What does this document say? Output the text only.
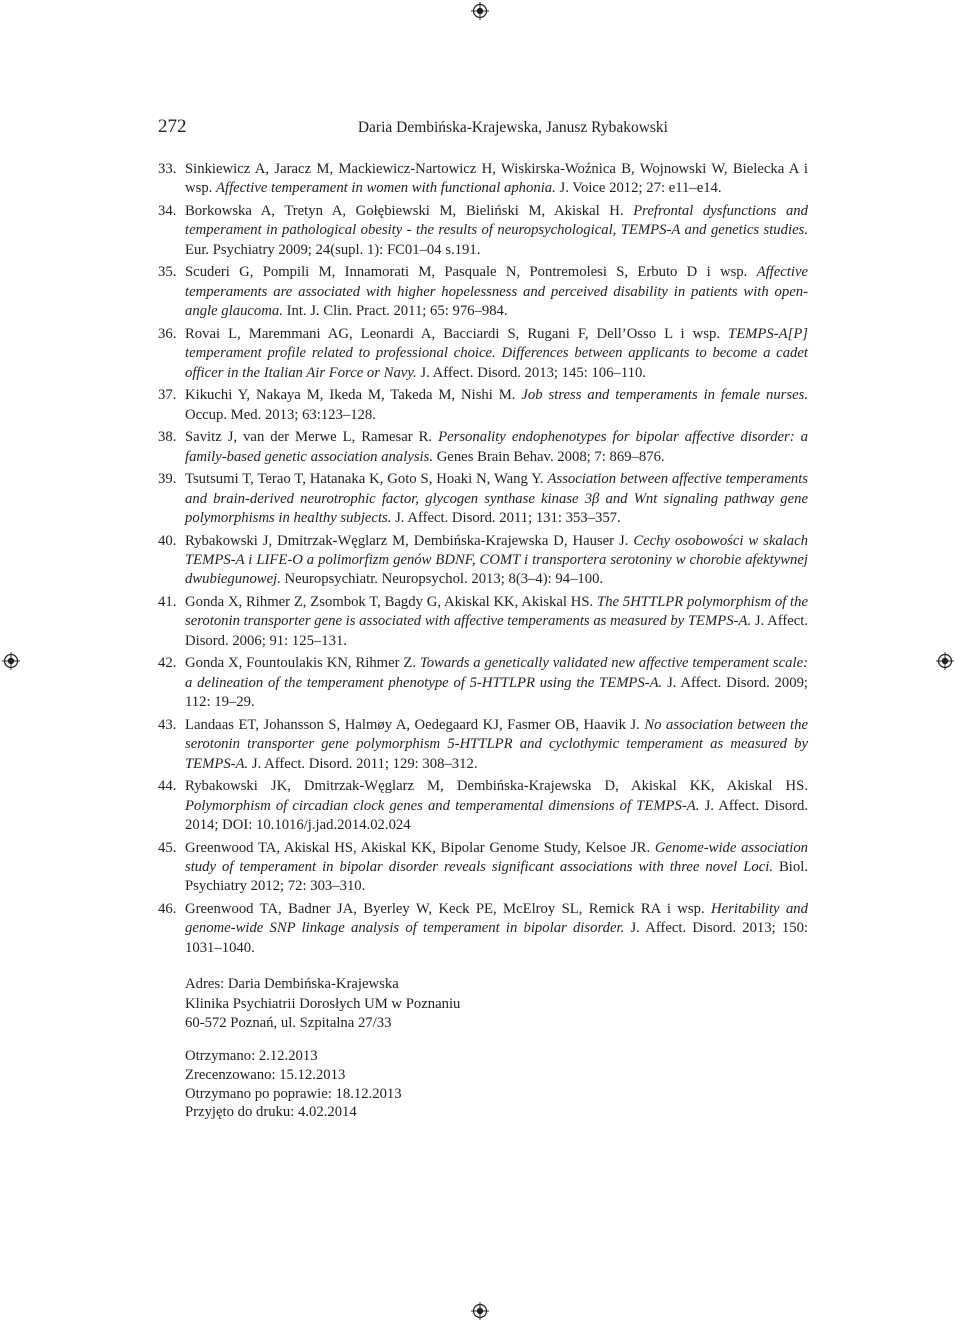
272	Daria Dembińska-Krajewska, Janusz Rybakowski
33. Sinkiewicz A, Jaracz M, Mackiewicz-Nartowicz H, Wiskirska-Woźnica B, Wojnowski W, Bielecka A i wsp. Affective temperament in women with functional aphonia. J. Voice 2012; 27: e11–e14.
34. Borkowska A, Tretyn A, Gołębiewski M, Bieliński M, Akiskal H. Prefrontal dysfunctions and temperament in pathological obesity - the results of neuropsychological, TEMPS-A and genetics studies. Eur. Psychiatry 2009; 24(supl. 1): FC01–04 s.191.
35. Scuderi G, Pompili M, Innamorati M, Pasquale N, Pontremolesi S, Erbuto D i wsp. Affective temperaments are associated with higher hopelessness and perceived disability in patients with open-angle glaucoma. Int. J. Clin. Pract. 2011; 65: 976–984.
36. Rovai L, Maremmani AG, Leonardi A, Bacciardi S, Rugani F, Dell’Osso L i wsp. TEMPS-A[P] temperament profile related to professional choice. Differences between applicants to become a cadet officer in the Italian Air Force or Navy. J. Affect. Disord. 2013; 145: 106–110.
37. Kikuchi Y, Nakaya M, Ikeda M, Takeda M, Nishi M. Job stress and temperaments in female nurses. Occup. Med. 2013; 63:123–128.
38. Savitz J, van der Merwe L, Ramesar R. Personality endophenotypes for bipolar affective disorder: a family-based genetic association analysis. Genes Brain Behav. 2008; 7: 869–876.
39. Tsutsumi T, Terao T, Hatanaka K, Goto S, Hoaki N, Wang Y. Association between affective temperaments and brain-derived neurotrophic factor, glycogen synthase kinase 3β and Wnt signaling pathway gene polymorphisms in healthy subjects. J. Affect. Disord. 2011; 131: 353–357.
40. Rybakowski J, Dmitrzak-Węglarz M, Dembińska-Krajewska D, Hauser J. Cechy osobowości w skalach TEMPS-A i LIFE-O a polimorfizm genów BDNF, COMT i transportera serotoniny w chorobie afektywnej dwubiegunowej. Neuropsychiatr. Neuropsychol. 2013; 8(3–4): 94–100.
41. Gonda X, Rihmer Z, Zsombok T, Bagdy G, Akiskal KK, Akiskal HS. The 5HTTLPR polymorphism of the serotonin transporter gene is associated with affective temperaments as measured by TEMPS-A. J. Affect. Disord. 2006; 91: 125–131.
42. Gonda X, Fountoulakis KN, Rihmer Z. Towards a genetically validated new affective temperament scale: a delineation of the temperament phenotype of 5-HTTLPR using the TEMPS-A. J. Affect. Disord. 2009; 112: 19–29.
43. Landaas ET, Johansson S, Halmøy A, Oedegaard KJ, Fasmer OB, Haavik J. No association between the serotonin transporter gene polymorphism 5-HTTLPR and cyclothymic temperament as measured by TEMPS-A. J. Affect. Disord. 2011; 129: 308–312.
44. Rybakowski JK, Dmitrzak-Węglarz M, Dembińska-Krajewska D, Akiskal KK, Akiskal HS. Polymorphism of circadian clock genes and temperamental dimensions of TEMPS-A. J. Affect. Disord. 2014; DOI: 10.1016/j.jad.2014.02.024
45. Greenwood TA, Akiskal HS, Akiskal KK, Bipolar Genome Study, Kelsoe JR. Genome-wide association study of temperament in bipolar disorder reveals significant associations with three novel Loci. Biol. Psychiatry 2012; 72: 303–310.
46. Greenwood TA, Badner JA, Byerley W, Keck PE, McElroy SL, Remick RA i wsp. Heritability and genome-wide SNP linkage analysis of temperament in bipolar disorder. J. Affect. Disord. 2013; 150: 1031–1040.
Adres: Daria Dembińska-Krajewska
Klinika Psychiatrii Dorosłych UM w Poznaniu
60-572 Poznań, ul. Szpitalna 27/33
Otrzymano: 2.12.2013
Zrecenzowano: 15.12.2013
Otrzymano po poprawie: 18.12.2013
Przyjęto do druku: 4.02.2014
